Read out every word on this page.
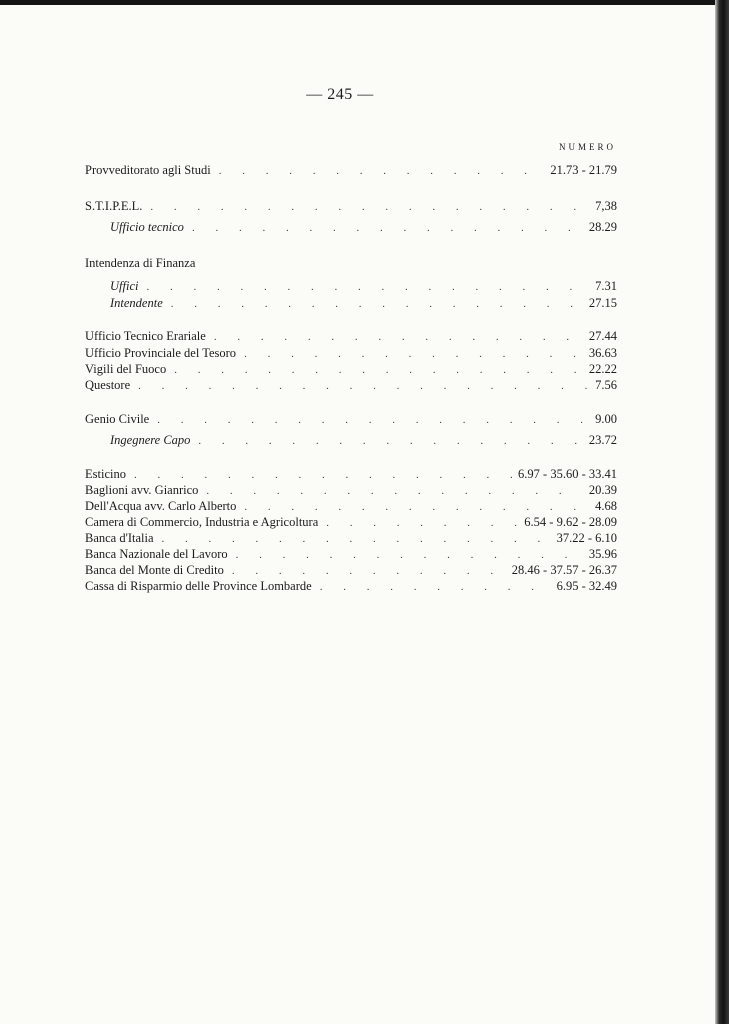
— 245 —
NUMERO
Provveditorato agli Studi . . .	21.73 - 21.79
S.T.I.P.E.L. . . .	7,38
Ufficio tecnico . . .	28.29
Intendenza di Finanza
Uffici . . .	7.31
Intendente . . .	27.15
Ufficio Tecnico Erariale . . .	27.44
Ufficio Provinciale del Tesoro . . .	36.63
Vigili del Fuoco . . .	22.22
Questore . . .	7.56
Genio Civile . . .	9.00
Ingegnere Capo . . .	23.72
Esticino . . .	6.97 - 35.60 - 33.41
Baglioni avv. Gianrico . . .	20.39
Dell'Acqua avv. Carlo Alberto . . .	4.68
Camera di Commercio, Industria e Agricoltura . . .	6.54 - 9.62 - 28.09
Banca d'Italia . . .	37.22 - 6.10
Banca Nazionale del Lavoro . . .	35.96
Banca del Monte di Credito . . .	28.46 - 37.57 - 26.37
Cassa di Risparmio delle Province Lombarde . . .	6.95 - 32.49
